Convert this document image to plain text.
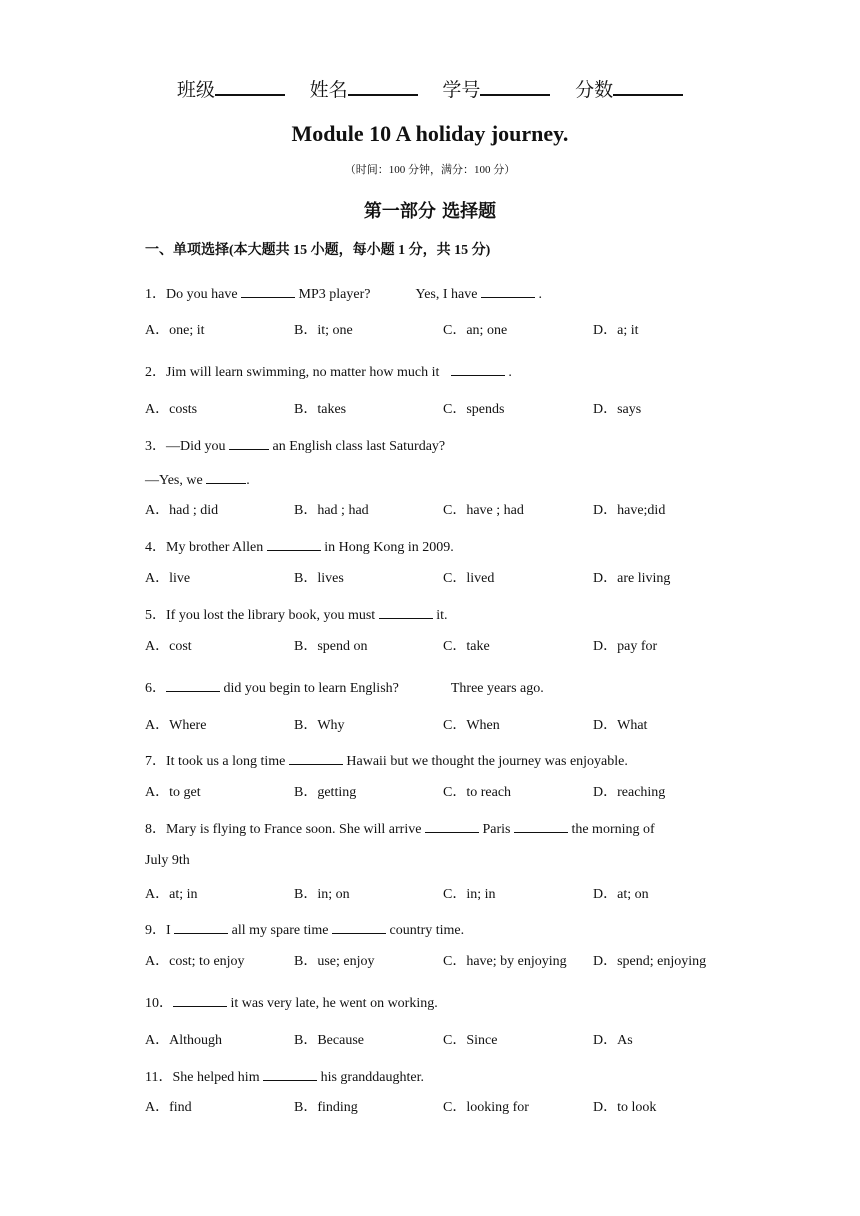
班级	姓名	学号	分数
Module 10 A holiday journey.
（时间：100 分钟，满分：100 分）
第一部分 选择题
一、单项选择(本大题共 15 小题，每小题 1 分，共 15 分)
1．Do you have	MP3 player?	Yes, I have	.
A．one; it	B．it; one	C．an; one	D．a; it
2．Jim will learn swimming, no matter how much it	.
A．costs	B．takes	C．spends	D．says
3．—Did you	an English class last Saturday?
—Yes, we	.
A．had ; did	B．had ; had	C．have ; had	D．have;did
4．My brother Allen	in Hong Kong in 2009.
A．live	B．lives	C．lived	D．are living
5．If you lost the library book, you must	it.
A．cost	B．spend on	C．take	D．pay for
6．	did you begin to learn English?	Three years ago.
A．Where	B．Why	C．When	D．What
7．It took us a long time	Hawaii but we thought the journey was enjoyable.
A．to get	B．getting	C．to reach	D．reaching
8．Mary is flying to France soon. She will arrive	Paris	the morning of
July 9th
A．at; in	B．in; on	C．in; in	D．at; on
9．I	all my spare time	country time.
A．cost; to enjoy	B．use; enjoy	C．have; by enjoying D．spend; enjoying
10．	it was very late, he went on working.
A．Although	B．Because	C．Since	D．As
11．She helped him	his granddaughter.
A．find	B．finding	C．looking for	D．to look
